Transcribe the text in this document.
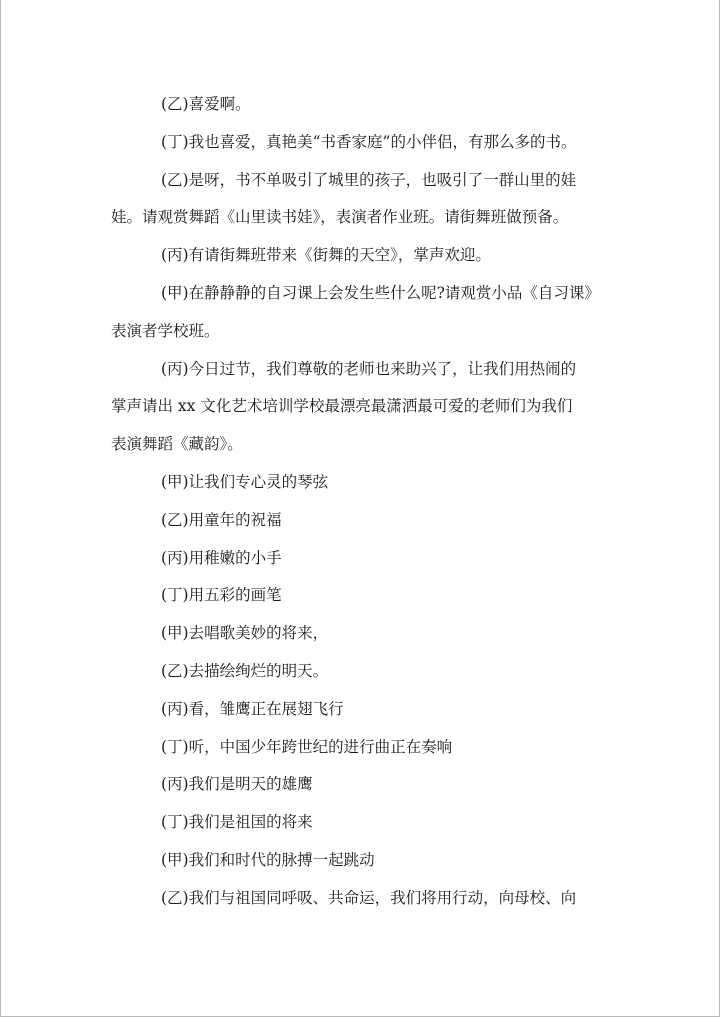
(乙)喜爱啊。

(丁)我也喜爱，真艳美“书香家庭”的小伴侣，有那么多的书。

(乙)是呀，书不单吸引了城里的孩子，也吸引了一群山里的娃
娃。请观赏舞蹈《山里读书娃》，表演者作业班。请街舞班做预备。

(丙)有请街舞班带来《街舞的天空》，掌声欢迎。

(甲)在静静静的自习课上会发生些什么呢?请观赏小品《自习课》
表演者学校班。

(丙)今日过节，我们尊敬的老师也来助兴了，让我们用热闹的
掌声请出 xx 文化艺术培训学校最漂亮最潇洒最可爱的老师们为我们
表演舞蹈《藏韵》。

(甲)让我们专心灵的琴弦

(乙)用童年的祝福

(丙)用稚嫩的小手

(丁)用五彩的画笔

(甲)去唱歌美妙的将来，

(乙)去描绘绚烂的明天。

(丙)看，雏鹰正在展翅飞行

(丁)听，中国少年跨世纪的进行曲正在奏响

(丙)我们是明天的雄鹰

(丁)我们是祖国的将来

(甲)我们和时代的脉搏一起跳动

(乙)我们与祖国同呼吸、共命运，我们将用行动，向母校、向
